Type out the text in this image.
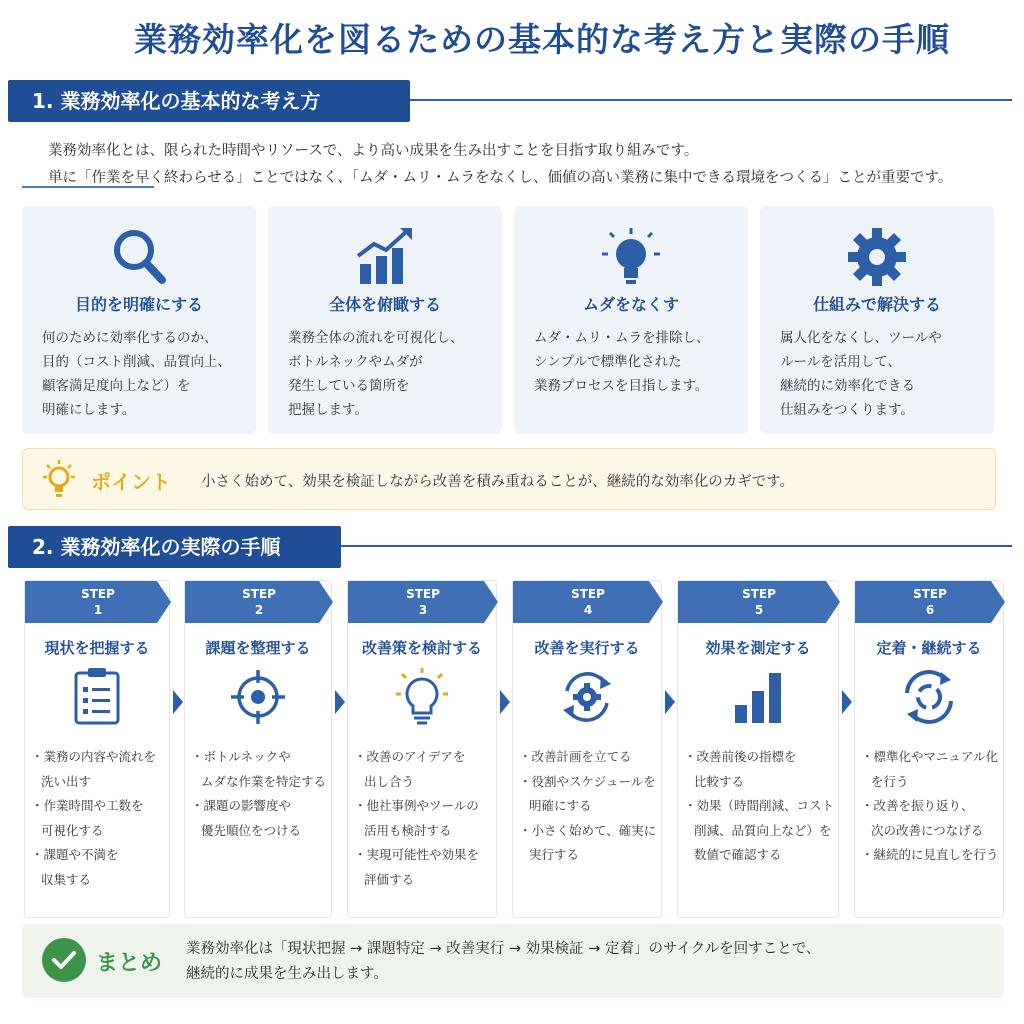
業務効率化を図るための基本的な考え方と実際の手順
1. 業務効率化の基本的な考え方
業務効率化とは、限られた時間やリソースで、より高い成果を生み出すことを目指す取り組みです。
単に「作業を早く終わらせる」ことではなく、「ムダ・ムリ・ムラをなくし、価値の高い業務に集中できる環境をつくる」ことが重要です。
目的を明確にする
何のために効率化するのか、
目的（コスト削減、品質向上、
顧客満足度向上など）を
明確にします。
全体を俯瞰する
業務全体の流れを可視化し、
ボトルネックやムダが
発生している箇所を
把握します。
ムダをなくす
ムダ・ムリ・ムラを排除し、
シンプルで標準化された
業務プロセスを目指します。
仕組みで解決する
属人化をなくし、ツールや
ルールを活用して、
継続的に効率化できる
仕組みをつくります。
ポイント 小さく始めて、効果を検証しながら改善を積み重ねることが、継続的な効率化のカギです。
2. 業務効率化の実際の手順
STEP
1
現状を把握する
・業務の内容や流れを
洗い出す
・作業時間や工数を
可視化する
・課題や不満を
収集する
STEP
2
課題を整理する
・ボトルネックや
ムダな作業を特定する
・課題の影響度や
優先順位をつける
STEP
3
改善策を検討する
・改善のアイデアを
出し合う
・他社事例やツールの
活用も検討する
・実現可能性や効果を
評価する
STEP
4
改善を実行する
・改善計画を立てる
・役割やスケジュールを
明確にする
・小さく始めて、確実に
実行する
STEP
5
効果を測定する
・改善前後の指標を
比較する
・効果（時間削減、コスト
削減、品質向上など）を
数値で確認する
STEP
6
定着・継続する
・標準化やマニュアル化
を行う
・改善を振り返り、
次の改善につなげる
・継続的に見直しを行う
まとめ
業務効率化は「現状把握 → 課題特定 → 改善実行 → 効果検証 → 定着」のサイクルを回すことで、
継続的に成果を生み出します。
